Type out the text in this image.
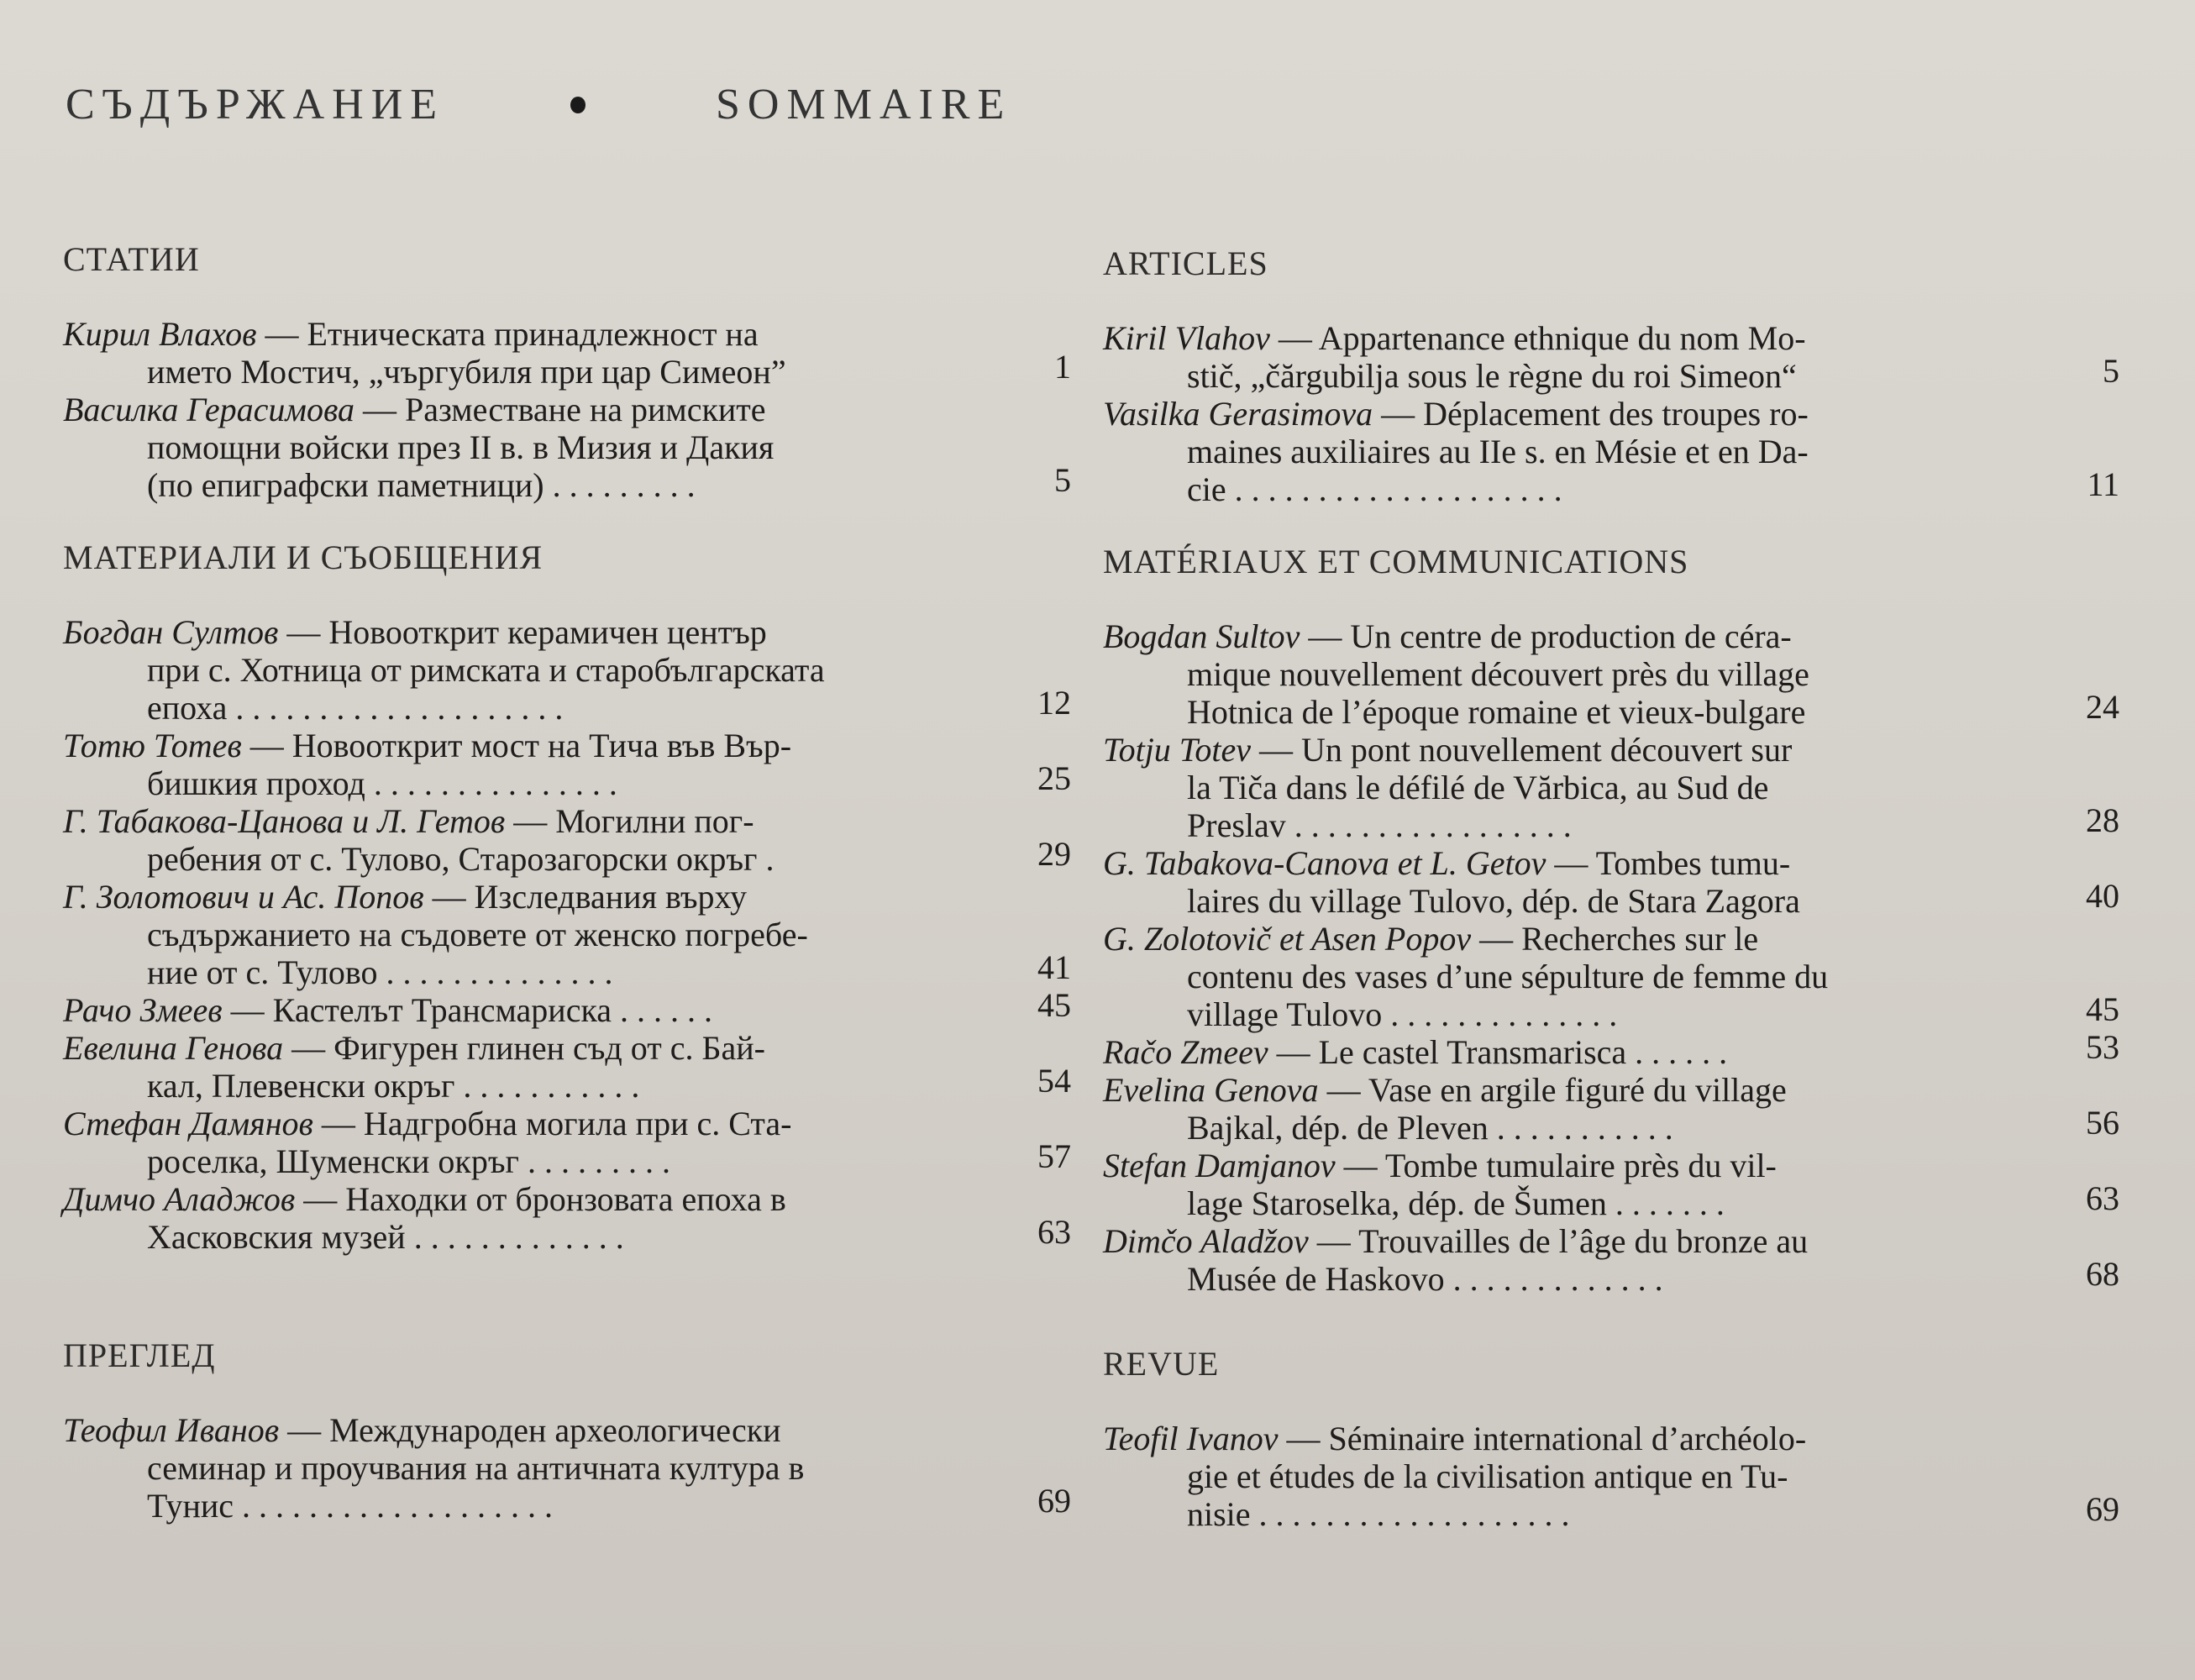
СЪДЪРЖАНИЕ	SOMMAIRE
СТАТИИ
Кирил Влахов — Етническата принадлежност на
името Мостич, „чъргубиля при цар Симеон”	1
Василка Герасимова — Разместване на римските
помощни войски през II в. в Мизия и Дакия
(по епиграфски паметници) . . . . . . . . .	5
МАТЕРИАЛИ И СЪОБЩЕНИЯ
Богдан Султов — Новооткрит керамичен център
при с. Хотница от римската и старобългарската
епоха . . . . . . . . . . . . . . . . . . . .	12
Тотю Тотев — Новооткрит мост на Тича във Вър-
бишкия проход . . . . . . . . . . . . . . .	25
Г. Табакова-Цанова и Л. Гетов — Могилни пог-
ребения от с. Тулово, Старозагорски окръг .	29
Г. Золотович и Ас. Попов — Изследвания върху
съдържанието на съдовете от женско погребе-
ние от с. Тулово . . . . . . . . . . . . . .	41
Рачо Змеев — Кастелът Трансмариска . . . . . .	45
Евелина Генова — Фигурен глинен съд от с. Бай-
кал, Плевенски окръг . . . . . . . . . . .	54
Стефан Дамянов — Надгробна могила при с. Ста-
роселка, Шуменски окръг . . . . . . . . .	57
Димчо Аладжов — Находки от бронзовата епоха в
Хасковския музей . . . . . . . . . . . . .	63
ПРЕГЛЕД
Теофил Иванов — Международен археологически
семинар и проучвания на античната култура в
Тунис . . . . . . . . . . . . . . . . . . .	69
ARTICLES
Kiril Vlahov — Appartenance ethnique du nom Mo-
stič, „čărgubilja sous le règne du roi Simeon“	5
Vasilka Gerasimova — Déplacement des troupes ro-
maines auxiliaires au IIe s. en Mésie et en Da-
cie . . . . . . . . . . . . . . . . . . . .	11
MATÉRIAUX ET COMMUNICATIONS
Bogdan Sultov — Un centre de production de céra-
mique nouvellement découvert près du village
Hotnica de l’époque romaine et vieux-bulgare	24
Totju Totev — Un pont nouvellement découvert sur
la Tiča dans le défilé de Vărbica, au Sud de
Preslav . . . . . . . . . . . . . . . . .	28
G. Tabakova-Canova et L. Getov — Tombes tumu-
laires du village Tulovo, dép. de Stara Zagora	40
G. Zolotovič et Asen Popov — Recherches sur le
contenu des vases d’une sépulture de femme du
village Tulovo . . . . . . . . . . . . . .	45
Račo Zmeev — Le castel Transmarisca . . . . . .	53
Evelina Genova — Vase en argile figuré du village
Bajkal, dép. de Pleven . . . . . . . . . . .	56
Stefan Damjanov — Tombe tumulaire près du vil-
lage Staroselka, dép. de Šumen . . . . . . .	63
Dimčo Aladžov — Trouvailles de l’âge du bronze au
Musée de Haskovo . . . . . . . . . . . . .	68
REVUE
Teofil Ivanov — Séminaire international d’archéolo-
gie et études de la civilisation antique en Tu-
nisie . . . . . . . . . . . . . . . . . . .	69
